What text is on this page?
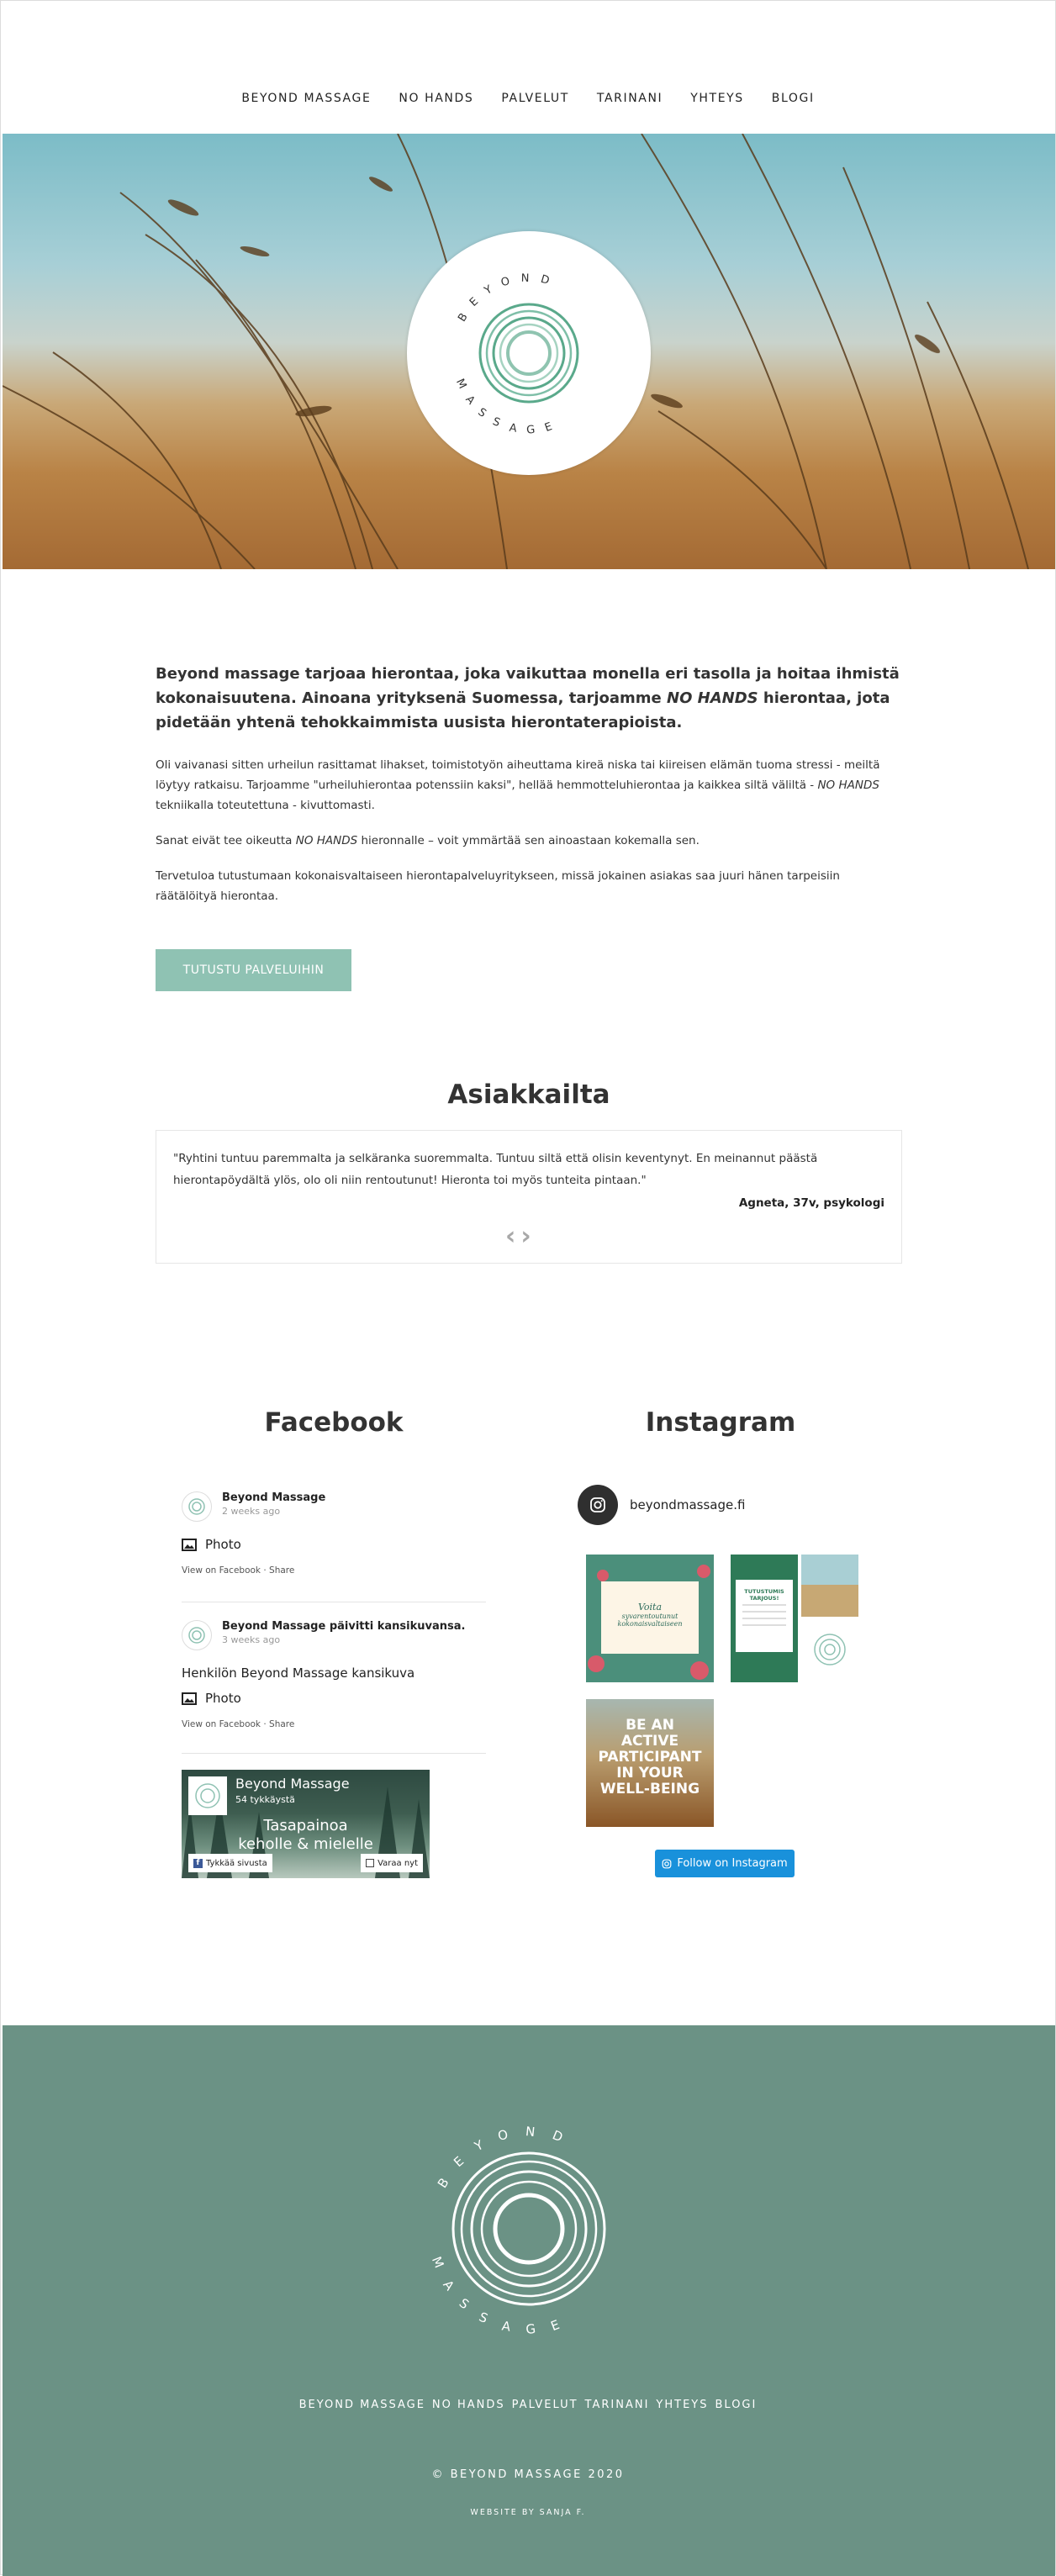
BEYOND MASSAGE NO HANDS PALVELUT TARINANI YHTEYS BLOGI
BEYOND
MASSAGE

Beyond massage tarjoaa hierontaa, joka vaikuttaa monella eri tasolla ja hoitaa ihmistä kokonaisuutena. Ainoana yrityksenä Suomessa, tarjoamme NO HANDS hierontaa, jota pidetään yhtenä tehokkaimmista uusista hierontaterapioista.

Oli vaivanasi sitten urheilun rasittamat lihakset, toimistotyön aiheuttama kireä niska tai kiireisen elämän tuoma stressi - meiltä löytyy ratkaisu. Tarjoamme "urheiluhierontaa potenssiin kaksi", hellää hemmotteluhierontaa ja kaikkea siltä väliltä - NO HANDS tekniikalla toteutettuna - kivuttomasti.

Sanat eivät tee oikeutta NO HANDS hieronnalle – voit ymmärtää sen ainoastaan kokemalla sen.

Tervetuloa tutustumaan kokonaisvaltaiseen hierontapalveluyritykseen, missä jokainen asiakas saa juuri hänen tarpeisiin räätälöityä hierontaa.

TUTUSTU PALVELUIHIN
Asiakkailta

"Ryhtini tuntuu paremmalta ja selkäranka suoremmalta. Tuntuu siltä että olisin keventynyt. En meinannut päästä hierontapöydältä ylös, olo oli niin rentoutunut! Hieronta toi myös tunteita pintaan."

Agneta, 37v, psykologi

‹ ›
Facebook
Beyond Massage
2 weeks ago
Photo
View on Facebook · Share
Beyond Massage päivitti kansikuvansa.
3 weeks ago
Henkilön Beyond Massage kansikuva
Photo
View on Facebook · Share
Beyond Massage
54 tykkäystä
Tasapainoa
keholle & mielelle
f Tykkää sivusta	Varaa nyt
Instagram
beyondmassage.fi
Voita
syvarentoutunut
kokonaisvaltaiseen
TUTUSTUMIS TARJOUS!
BE AN
ACTIVE
PARTICIPANT
IN YOUR
WELL-BEING
Follow on Instagram
BEYOND
MASSAGE
BEYOND MASSAGE NO HANDS PALVELUT TARINANI YHTEYS BLOGI
© BEYOND MASSAGE 2020
WEBSITE BY SANJA F.
